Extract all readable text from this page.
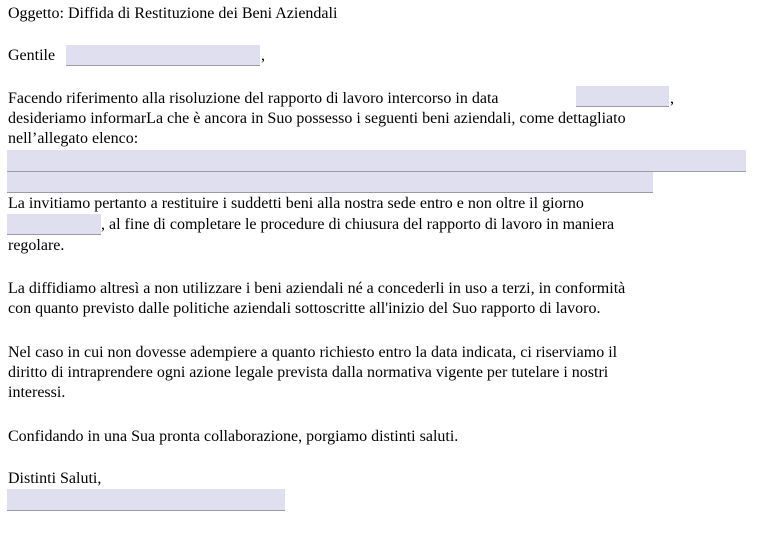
Oggetto: Diffida di Restituzione dei Beni Aziendali
Gentile	,
Facendo riferimento alla risoluzione del rapporto di lavoro intercorso in data	,
desideriamo informarLa che è ancora in Suo possesso i seguenti beni aziendali, come dettagliato
nell’allegato elenco:
La invitiamo pertanto a restituire i suddetti beni alla nostra sede entro e non oltre il giorno
, al fine di completare le procedure di chiusura del rapporto di lavoro in maniera
regolare.
La diffidiamo altresì a non utilizzare i beni aziendali né a concederli in uso a terzi, in conformità
con quanto previsto dalle politiche aziendali sottoscritte all'inizio del Suo rapporto di lavoro.
Nel caso in cui non dovesse adempiere a quanto richiesto entro la data indicata, ci riserviamo il
diritto di intraprendere ogni azione legale prevista dalla normativa vigente per tutelare i nostri
interessi.
Confidando in una Sua pronta collaborazione, porgiamo distinti saluti.
Distinti Saluti,
